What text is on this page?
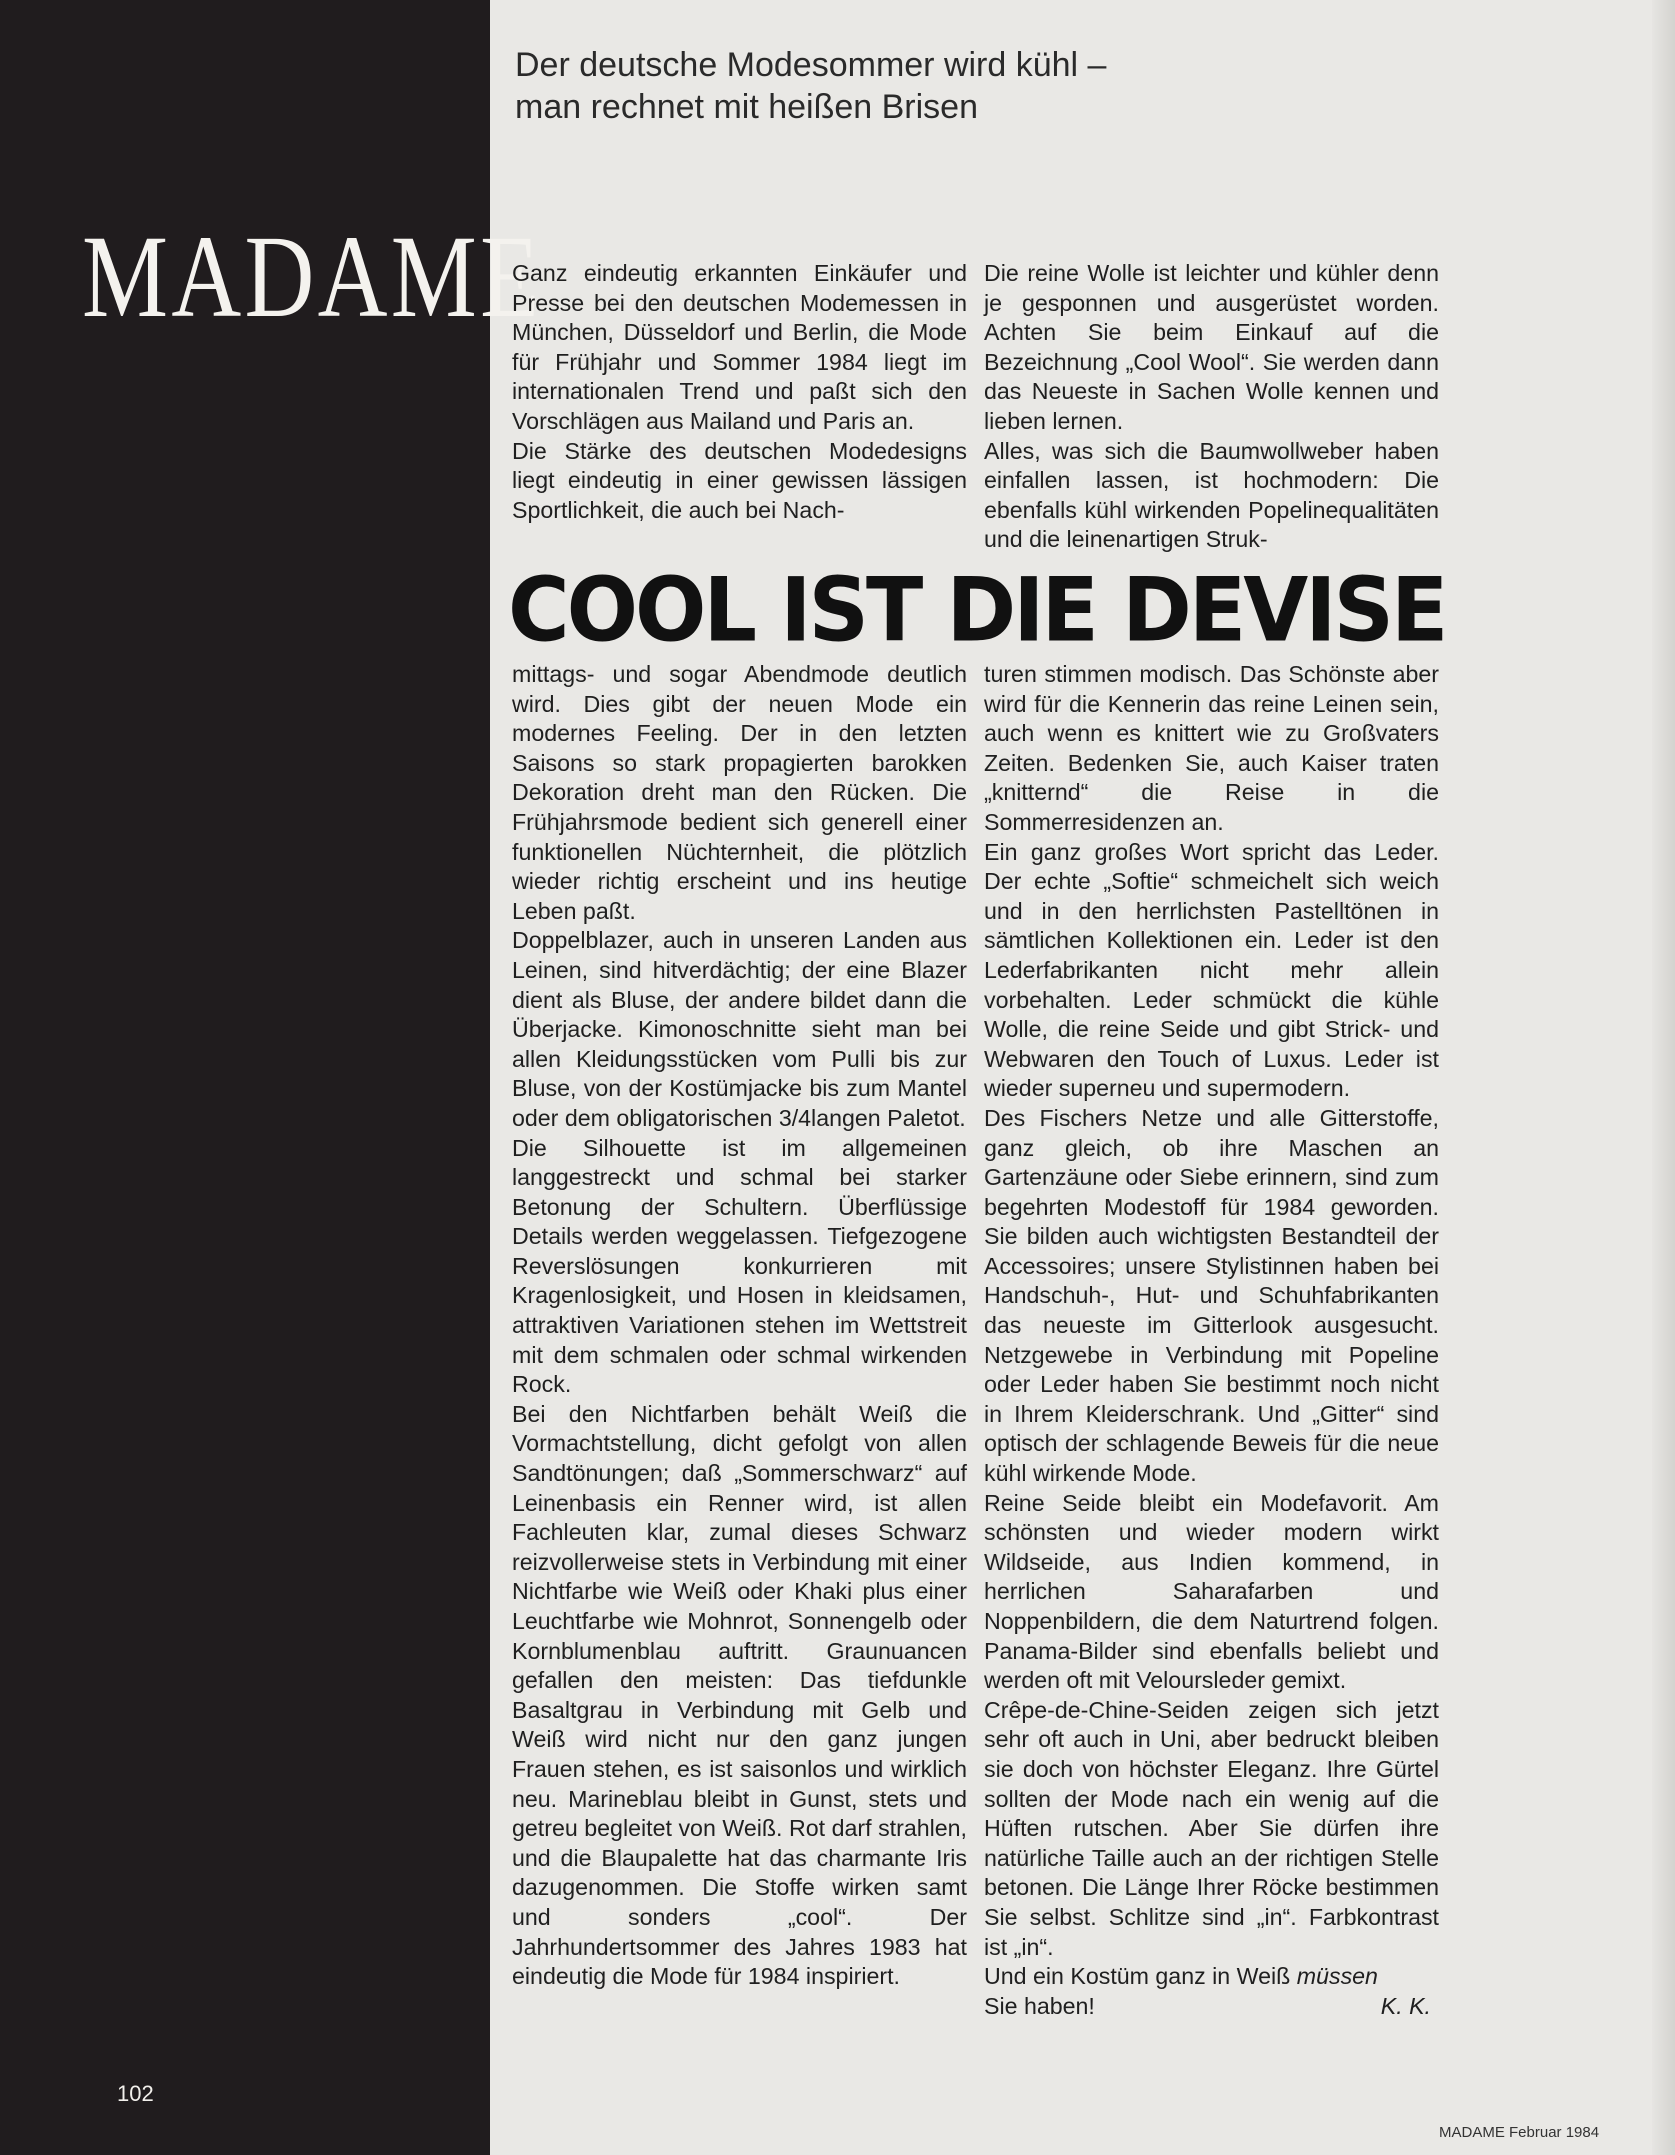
MADAME
Der deutsche Modesommer wird kühl –
man rechnet mit heißen Brisen

Ganz eindeutig erkannten Einkäufer und Presse bei den deutschen Modemessen in München, Düsseldorf und Berlin, die Mode für Frühjahr und Sommer 1984 liegt im internationalen Trend und paßt sich den Vorschlägen aus Mailand und Paris an.

Die Stärke des deutschen Modedesigns liegt eindeutig in einer gewissen lässigen Sportlichkeit, die auch bei Nach-

Die reine Wolle ist leichter und kühler denn je gesponnen und ausgerüstet worden. Achten Sie beim Einkauf auf die Bezeichnung „Cool Wool“. Sie werden dann das Neueste in Sachen Wolle kennen und lieben lernen.

Alles, was sich die Baumwollweber haben einfallen lassen, ist hochmodern: Die ebenfalls kühl wirkenden Popelinequalitäten und die leinenartigen Struk-

COOL IST DIE DEVISE

mittags- und sogar Abendmode deutlich wird. Dies gibt der neuen Mode ein modernes Feeling. Der in den letzten Saisons so stark propagierten barokken Dekoration dreht man den Rücken. Die Frühjahrsmode bedient sich generell einer funktionellen Nüchternheit, die plötzlich wieder richtig erscheint und ins heutige Leben paßt.

Doppelblazer, auch in unseren Landen aus Leinen, sind hitverdächtig; der eine Blazer dient als Bluse, der andere bildet dann die Überjacke. Kimonoschnitte sieht man bei allen Kleidungsstücken vom Pulli bis zur Bluse, von der Kostümjacke bis zum Mantel oder dem obligatorischen 3/4langen Paletot.

Die Silhouette ist im allgemeinen langgestreckt und schmal bei starker Betonung der Schultern. Überflüssige Details werden weggelassen. Tiefgezogene Reverslösungen konkurrieren mit Kragenlosigkeit, und Hosen in kleidsamen, attraktiven Variationen stehen im Wettstreit mit dem schmalen oder schmal wirkenden Rock.

Bei den Nichtfarben behält Weiß die Vormachtstellung, dicht gefolgt von allen Sandtönungen; daß „Sommerschwarz“ auf Leinenbasis ein Renner wird, ist allen Fachleuten klar, zumal dieses Schwarz reizvollerweise stets in Verbindung mit einer Nichtfarbe wie Weiß oder Khaki plus einer Leuchtfarbe wie Mohnrot, Sonnengelb oder Kornblumenblau auftritt. Graunuancen gefallen den meisten: Das tiefdunkle Basaltgrau in Verbindung mit Gelb und Weiß wird nicht nur den ganz jungen Frauen stehen, es ist saisonlos und wirklich neu. Marineblau bleibt in Gunst, stets und getreu begleitet von Weiß. Rot darf strahlen, und die Blaupalette hat das charmante Iris dazugenommen. Die Stoffe wirken samt und sonders „cool“. Der Jahrhundertsommer des Jahres 1983 hat eindeutig die Mode für 1984 inspiriert.

turen stimmen modisch. Das Schönste aber wird für die Kennerin das reine Leinen sein, auch wenn es knittert wie zu Großvaters Zeiten. Bedenken Sie, auch Kaiser traten „knitternd“ die Reise in die Sommerresidenzen an.

Ein ganz großes Wort spricht das Leder. Der echte „Softie“ schmeichelt sich weich und in den herrlichsten Pastelltönen in sämtlichen Kollektionen ein. Leder ist den Lederfabrikanten nicht mehr allein vorbehalten. Leder schmückt die kühle Wolle, die reine Seide und gibt Strick- und Webwaren den Touch of Luxus. Leder ist wieder superneu und supermodern.

Des Fischers Netze und alle Gitterstoffe, ganz gleich, ob ihre Maschen an Gartenzäune oder Siebe erinnern, sind zum begehrten Modestoff für 1984 geworden. Sie bilden auch wichtigsten Bestandteil der Accessoires; unsere Stylistinnen haben bei Handschuh-, Hut- und Schuhfabrikanten das neueste im Gitterlook ausgesucht. Netzgewebe in Verbindung mit Popeline oder Leder haben Sie bestimmt noch nicht in Ihrem Kleiderschrank. Und „Gitter“ sind optisch der schlagende Beweis für die neue kühl wirkende Mode.

Reine Seide bleibt ein Modefavorit. Am schönsten und wieder modern wirkt Wildseide, aus Indien kommend, in herrlichen Saharafarben und Noppenbildern, die dem Naturtrend folgen. Panama-Bilder sind ebenfalls beliebt und werden oft mit Veloursleder gemixt.

Crêpe-de-Chine-Seiden zeigen sich jetzt sehr oft auch in Uni, aber bedruckt bleiben sie doch von höchster Eleganz. Ihre Gürtel sollten der Mode nach ein wenig auf die Hüften rutschen. Aber Sie dürfen ihre natürliche Taille auch an der richtigen Stelle betonen. Die Länge Ihrer Röcke bestimmen Sie selbst. Schlitze sind „in“. Farbkontrast ist „in“.

Und ein Kostüm ganz in Weiß müssen

Sie haben!	K. K.
102
MADAME Februar 1984
